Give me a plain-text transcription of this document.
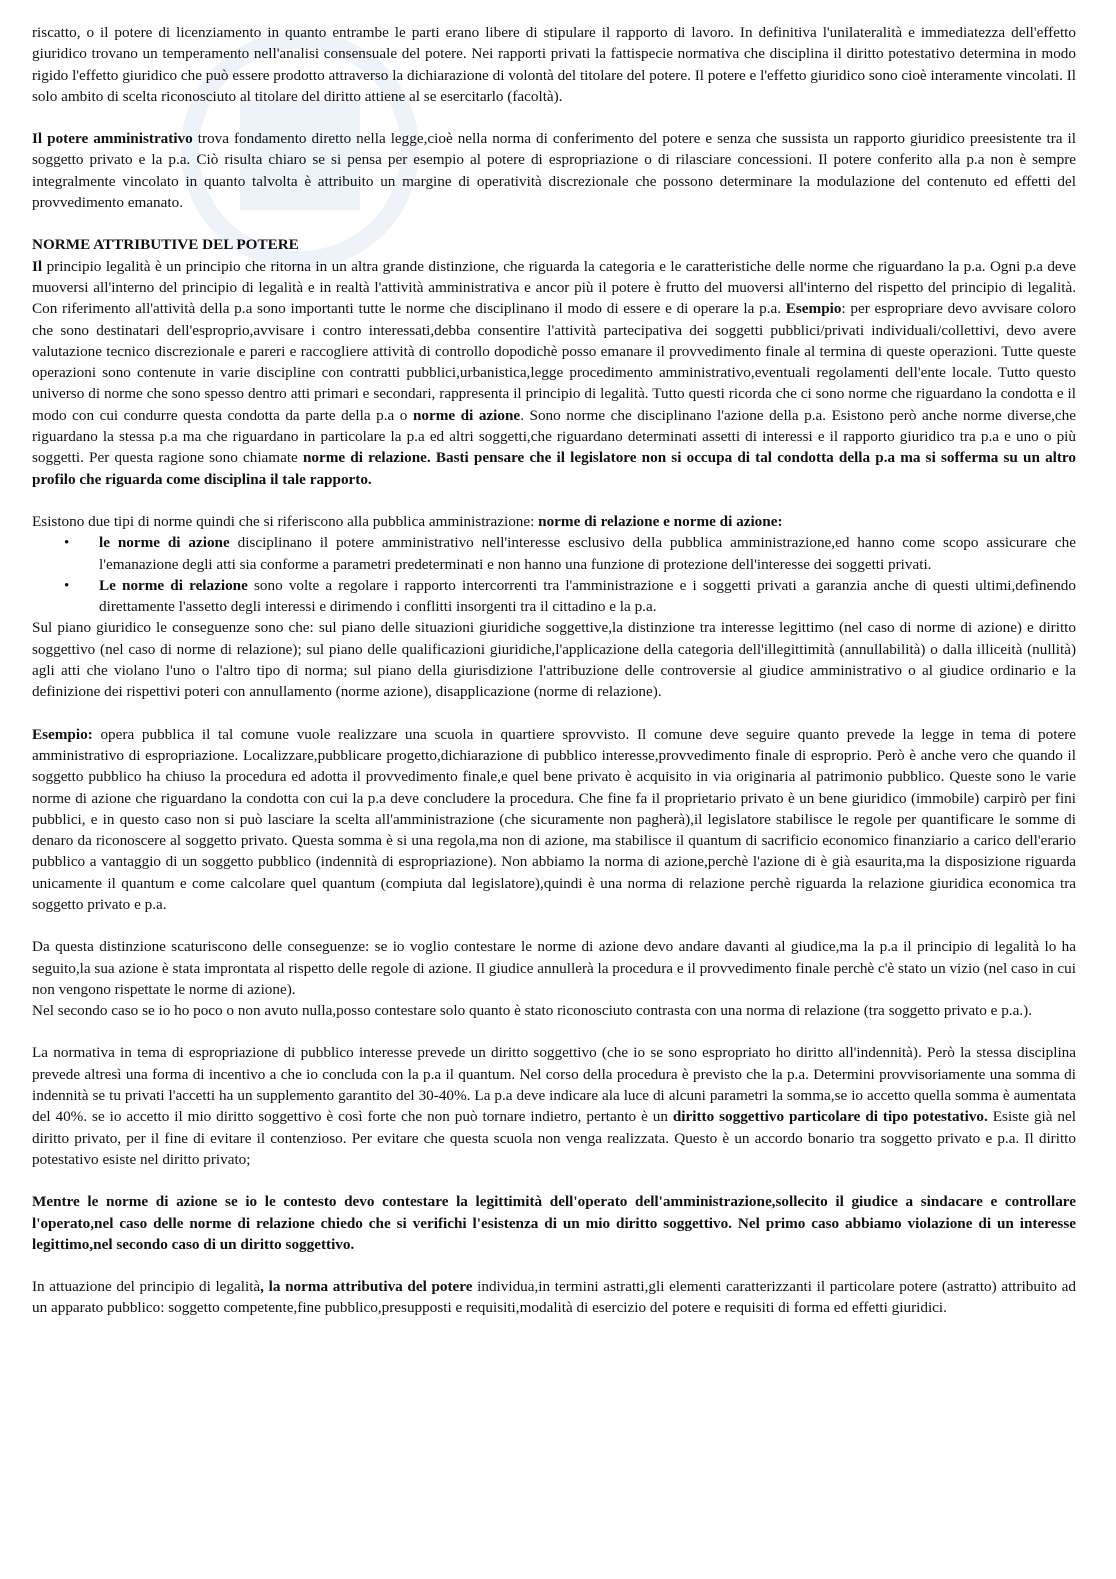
riscatto, o il potere di licenziamento in quanto entrambe le parti erano libere di stipulare il rapporto di lavoro. In definitiva l'unilateralità e immediatezza dell'effetto giuridico trovano un temperamento nell'analisi consensuale del potere. Nei rapporti privati la fattispecie normativa che disciplina il diritto potestativo determina in modo rigido l'effetto giuridico che può essere prodotto attraverso la dichiarazione di volontà del titolare del potere. Il potere e l'effetto giuridico sono cioè interamente vincolati. Il solo ambito di scelta riconosciuto al titolare del diritto attiene al se esercitarlo (facoltà).

Il potere amministrativo trova fondamento diretto nella legge,cioè nella norma di conferimento del potere e senza che sussista un rapporto giuridico preesistente tra il soggetto privato e la p.a. Ciò risulta chiaro se si pensa per esempio al potere di espropriazione o di rilasciare concessioni. Il potere conferito alla p.a non è sempre integralmente vincolato in quanto talvolta è attribuito un margine di operatività discrezionale che possono determinare la modulazione del contenuto ed effetti del provvedimento emanato.

NORME ATTRIBUTIVE DEL POTERE

Il principio legalità è un principio che ritorna in un altra grande distinzione, che riguarda la categoria e le caratteristiche delle norme che riguardano la p.a. Ogni p.a deve muoversi all'interno del principio di legalità e in realtà l'attività amministrativa e ancor più il potere è frutto del muoversi all'interno del rispetto del principio di legalità. Con riferimento all'attività della p.a sono importanti tutte le norme che disciplinano il modo di essere e di operare la p.a. Esempio: per espropriare devo avvisare coloro che sono destinatari dell'esproprio,avvisare i contro interessati,debba consentire l'attività partecipativa dei soggetti pubblici/privati individuali/collettivi, devo avere valutazione tecnico discrezionale e pareri e raccogliere attività di controllo dopodichè posso emanare il provvedimento finale al termina di queste operazioni. Tutte queste operazioni sono contenute in varie discipline con contratti pubblici,urbanistica,legge procedimento amministrativo,eventuali regolamenti dell'ente locale. Tutto questo universo di norme che sono spesso dentro atti primari e secondari, rappresenta il principio di legalità. Tutto questi ricorda che ci sono norme che riguardano la condotta e il modo con cui condurre questa condotta da parte della p.a o norme di azione. Sono norme che disciplinano l'azione della p.a. Esistono però anche norme diverse,che riguardano la stessa p.a ma che riguardano in particolare la p.a ed altri soggetti,che riguardano determinati assetti di interessi e il rapporto giuridico tra p.a e uno o più soggetti. Per questa ragione sono chiamate norme di relazione. Basti pensare che il legislatore non si occupa di tal condotta della p.a ma si sofferma su un altro profilo che riguarda come disciplina il tale rapporto.

Esistono due tipi di norme quindi che si riferiscono alla pubblica amministrazione: norme di relazione e norme di azione:

• le norme di azione disciplinano il potere amministrativo nell'interesse esclusivo della pubblica amministrazione,ed hanno come scopo assicurare che l'emanazione degli atti sia conforme a parametri predeterminati e non hanno una funzione di protezione dell'interesse dei soggetti privati.
• Le norme di relazione sono volte a regolare i rapporto intercorrenti tra l'amministrazione e i soggetti privati a garanzia anche di questi ultimi,defìnendo direttamente l'assetto degli interessi e dirimendo i conflitti insorgenti tra il cittadino e la p.a.

Sul piano giuridico le conseguenze sono che: sul piano delle situazioni giuridiche soggettive,la distinzione tra interesse legittimo (nel caso di norme di azione) e diritto soggettivo (nel caso di norme di relazione); sul piano delle qualificazioni giuridiche,l'applicazione della categoria dell'illegittimità (annullabilità) o dalla illiceità (nullità) agli atti che violano l'uno o l'altro tipo di norma; sul piano della giurisdizione l'attribuzione delle controversie al giudice amministrativo o al giudice ordinario e la definizione dei rispettivi poteri con annullamento (norme azione), disapplicazione (norme di relazione).

Esempio: opera pubblica il tal comune vuole realizzare una scuola in quartiere sprovvisto. Il comune deve seguire quanto prevede la legge in tema di potere amministrativo di espropriazione. Localizzare,pubblicare progetto,dichiarazione di pubblico interesse,provvedimento finale di esproprio. Però è anche vero che quando il soggetto pubblico ha chiuso la procedura ed adotta il provvedimento finale,e quel bene privato è acquisito in via originaria al patrimonio pubblico. Queste sono le varie norme di azione che riguardano la condotta con cui la p.a deve concludere la procedura. Che fine fa il proprietario privato è un bene giuridico (immobile) carpirò per fini pubblici, e in questo caso non si può lasciare la scelta all'amministrazione (che sicuramente non pagherà),il legislatore stabilisce le regole per quantificare le somme di denaro da riconoscere al soggetto privato. Questa somma è si una regola,ma non di azione, ma stabilisce il quantum di sacrificio economico finanziario a carico dell'erario pubblico a vantaggio di un soggetto pubblico (indennità di espropriazione). Non abbiamo la norma di azione,perchè l'azione di è già esaurita,ma la disposizione riguarda unicamente il quantum e come calcolare quel quantum (compiuta dal legislatore),quindi è una norma di relazione perchè riguarda la relazione giuridica economica tra soggetto privato e p.a.

Da questa distinzione scaturiscono delle conseguenze: se io voglio contestare le norme di azione devo andare davanti al giudice,ma la p.a il principio di legalità lo ha seguito,la sua azione è stata improntata al rispetto delle regole di azione. Il giudice annullerà la procedura e il provvedimento finale perchè c'è stato un vizio (nel caso in cui non vengono rispettate le norme di azione).

Nel secondo caso se io ho poco o non avuto nulla,posso contestare solo quanto è stato riconosciuto contrasta con una norma di relazione (tra soggetto privato e p.a.).

La normativa in tema di espropriazione di pubblico interesse prevede un diritto soggettivo (che io se sono espropriato ho diritto all'indennità). Però la stessa disciplina prevede altresì una forma di incentivo a che io concluda con la p.a il quantum. Nel corso della procedura è previsto che la p.a. Determini provvisoriamente una somma di indennità se tu privati l'accetti ha un supplemento garantito del 30-40%. La p.a deve indicare ala luce di alcuni parametri la somma,se io accetto quella somma è aumentata del 40%. se io accetto il mio diritto soggettivo è così forte che non può tornare indietro, pertanto è un diritto soggettivo particolare di tipo potestativo. Esiste già nel diritto privato, per il fine di evitare il contenzioso. Per evitare che questa scuola non venga realizzata. Questo è un accordo bonario tra soggetto privato e p.a. Il diritto potestativo esiste nel diritto privato;

Mentre le norme di azione se io le contesto devo contestare la legittimità dell'operato dell'amministrazione,sollecito il giudice a sindacare e controllare l'operato,nel caso delle norme di relazione chiedo che si verifichi l'esistenza di un mio diritto soggettivo. Nel primo caso abbiamo violazione di un interesse legittimo,nel secondo caso di un diritto soggettivo.

In attuazione del principio di legalità, la norma attributiva del potere individua,in termini astratti,gli elementi caratterizzanti il particolare potere (astratto) attribuito ad un apparato pubblico: soggetto competente,fine pubblico,presupposti e requisiti,modalità di esercizio del potere e requisiti di forma ed effetti giuridici.
